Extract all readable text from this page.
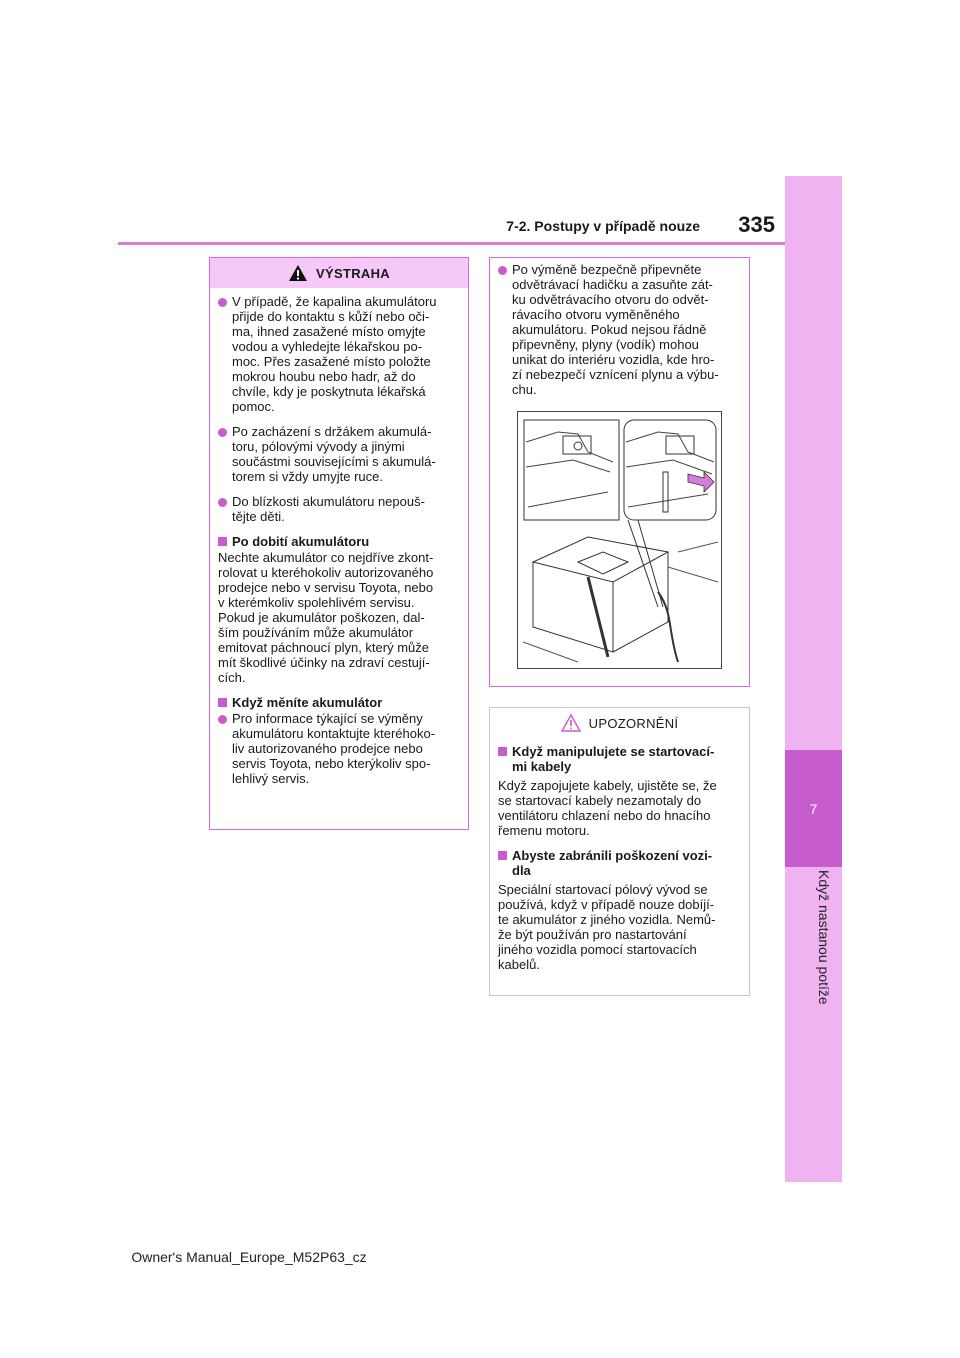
7
Když nastanou potíže
7-2. Postupy v případě nouze	335
VÝSTRAHA
V případě, že kapalina akumulátoru
přijde do kontaktu s kůží nebo oči-
ma, ihned zasažené místo omyjte
vodou a vyhledejte lékařskou po-
moc. Přes zasažené místo položte
mokrou houbu nebo hadr, až do
chvíle, kdy je poskytnuta lékařská
pomoc.
Po zacházení s držákem akumulá-
toru, pólovými vývody a jinými
součástmi souvisejícími s akumulá-
torem si vždy umyjte ruce.
Do blízkosti akumulátoru nepouš-
tějte děti.
Po dobití akumulátoru
Nechte akumulátor co nejdříve zkont-
rolovat u kteréhokoliv autorizovaného
prodejce nebo v servisu Toyota, nebo
v kterémkoliv spolehlivém servisu.
Pokud je akumulátor poškozen, dal-
ším používáním může akumulátor
emitovat páchnoucí plyn, který může
mít škodlivé účinky na zdraví cestují-
cích.
Když měníte akumulátor
Pro informace týkající se výměny
akumulátoru kontaktujte kteréhoko-
liv autorizovaného prodejce nebo
servis Toyota, nebo kterýkoliv spo-
lehlivý servis.
Po výměně bezpečně připevněte
odvětrávací hadičku a zasuňte zát-
ku odvětrávacího otvoru do odvět-
rávacího otvoru vyměněného
akumulátoru. Pokud nejsou řádně
připevněny, plyny (vodík) mohou
unikat do interiéru vozidla, kde hro-
zí nebezpečí vznícení plynu a výbu-
chu.
UPOZORNĚNÍ
Když manipulujete se startovací-
mi kabely
Když zapojujete kabely, ujistěte se, že
se startovací kabely nezamotaly do
ventilátoru chlazení nebo do hnacího
řemenu motoru.
Abyste zabránili poškození vozi-
dla
Speciální startovací pólový vývod se
používá, když v případě nouze dobíjí-
te akumulátor z jiného vozidla. Nemů-
že být používán pro nastartování
jiného vozidla pomocí startovacích
kabelů.
Owner's Manual_Europe_M52P63_cz
